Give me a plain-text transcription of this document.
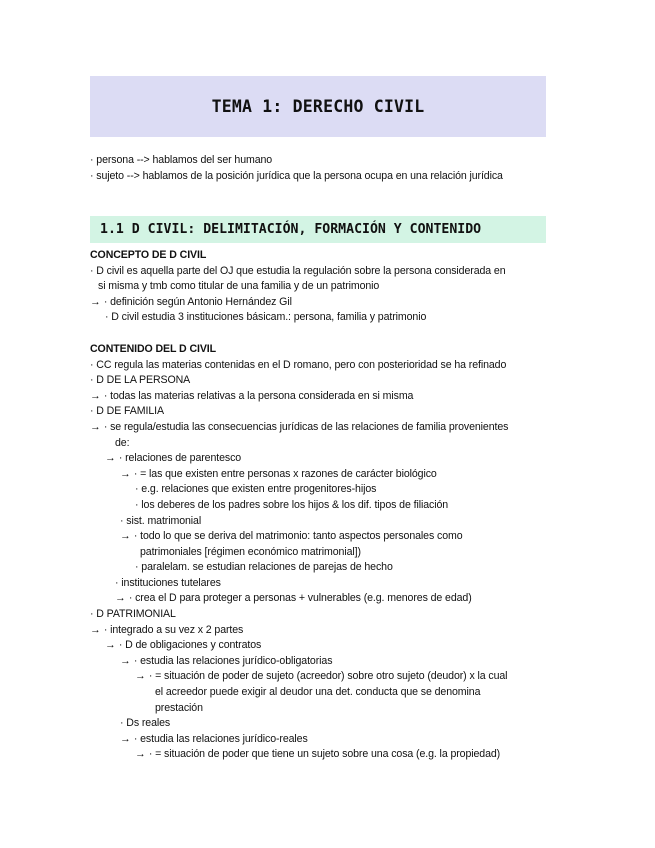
TEMA 1: DERECHO CIVIL
· persona --> hablamos del ser humano
· sujeto --> hablamos de la posición jurídica que la persona ocupa en una relación jurídica
1.1 D CIVIL: DELIMITACIÓN, FORMACIÓN Y CONTENIDO
CONCEPTO DE D CIVIL
· D civil es aquella parte del OJ que estudia la regulación sobre la persona considerada en
si misma y tmb como titular de una familia y de un patrimonio
→ · definición según Antonio Hernández Gil
· D civil estudia 3 instituciones básicam.: persona, familia y patrimonio
CONTENIDO DEL D CIVIL
· CC regula las materias contenidas en el D romano, pero con posterioridad se ha refinado
· D DE LA PERSONA
→ · todas las materias relativas a la persona considerada en si misma
· D DE FAMILIA
→ · se regula/estudia las consecuencias jurídicas de las relaciones de familia provenientes
de:
→ · relaciones de parentesco
→ · = las que existen entre personas x razones de carácter biológico
· e.g. relaciones que existen entre progenitores-hijos
· los deberes de los padres sobre los hijos & los dif. tipos de filiación
· sist. matrimonial
→ · todo lo que se deriva del matrimonio: tanto aspectos personales como
patrimoniales [régimen económico matrimonial])
· paralelam. se estudian relaciones de parejas de hecho
· instituciones tutelares
→ · crea el D para proteger a personas + vulnerables (e.g. menores de edad)
· D PATRIMONIAL
→ · integrado a su vez x 2 partes
→ · D de obligaciones y contratos
→ · estudia las relaciones jurídico-obligatorias
→ · = situación de poder de sujeto (acreedor) sobre otro sujeto (deudor) x la cual
el acreedor puede exigir al deudor una det. conducta que se denomina
prestación
· Ds reales
→ · estudia las relaciones jurídico-reales
→ · = situación de poder que tiene un sujeto sobre una cosa (e.g. la propiedad)
